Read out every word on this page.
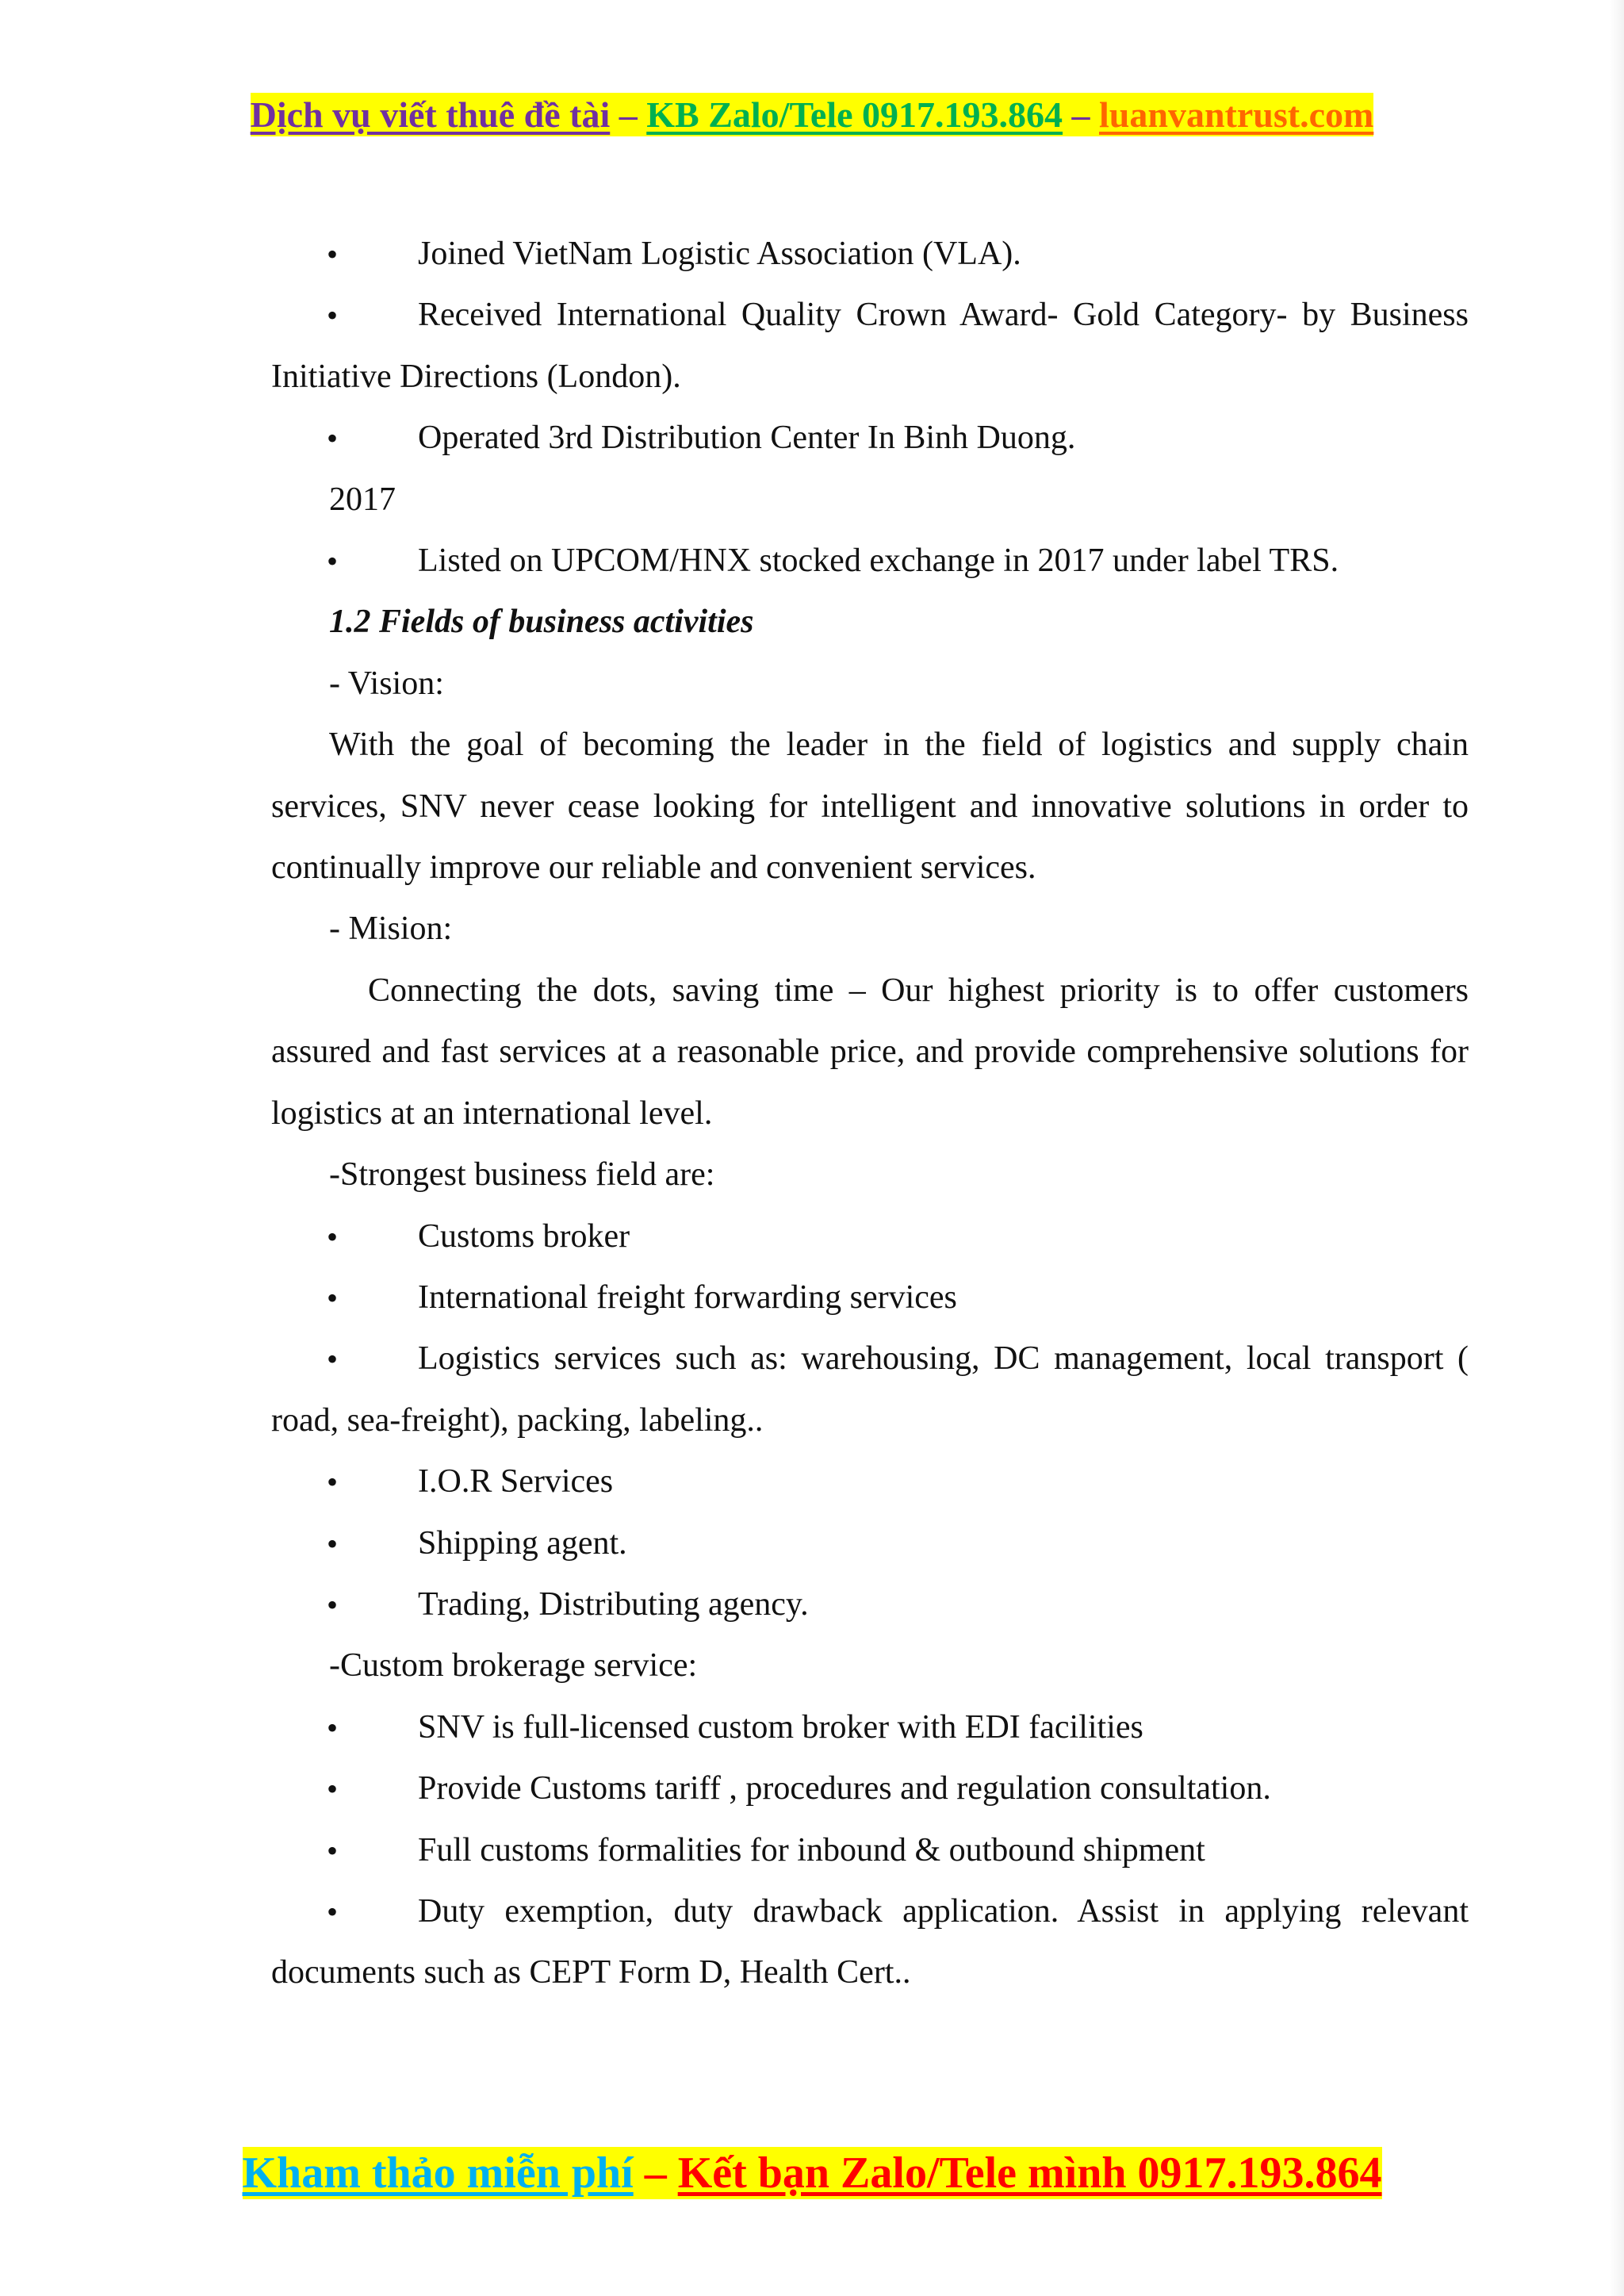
Dịch vụ viết thuê đề tài – KB Zalo/Tele 0917.193.864 – luanvantrust.com

• Joined VietNam Logistic Association (VLA).

• Received International Quality Crown Award- Gold Category- by Business Initiative Directions (London).

• Operated 3rd Distribution Center In Binh Duong.

2017

• Listed on UPCOM/HNX stocked exchange in 2017 under label TRS.

1.2 Fields of business activities

- Vision:

With the goal of becoming the leader in the field of logistics and supply chain services, SNV never cease looking for intelligent and innovative solutions in order to continually improve our reliable and convenient services.

- Mision:

Connecting the dots, saving time – Our highest priority is to offer customers assured and fast services at a reasonable price, and provide comprehensive solutions for logistics at an international level.

-Strongest business field are:

• Customs broker

• International freight forwarding services

• Logistics services such as: warehousing, DC management, local transport ( road, sea-freight), packing, labeling..

• I.O.R Services

• Shipping agent.

• Trading, Distributing agency.

-Custom brokerage service:

• SNV is full-licensed custom broker with EDI facilities

• Provide Customs tariff , procedures and regulation consultation.

• Full customs formalities for inbound & outbound shipment

• Duty exemption, duty drawback application. Assist in applying relevant documents such as CEPT Form D, Health Cert..

Kham thảo miễn phí – Kết bạn Zalo/Tele mình 0917.193.864
